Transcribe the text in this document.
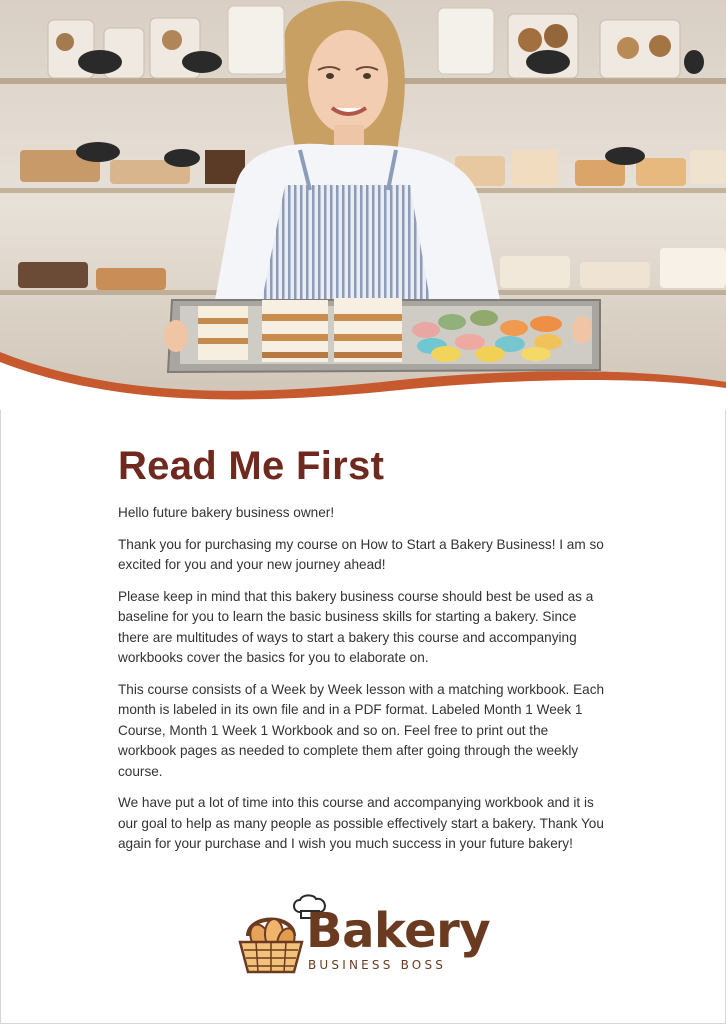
Read Me First

Hello future bakery business owner!

Thank you for purchasing my course on How to Start a Bakery Business! I am so excited for you and your new journey ahead!

Please keep in mind that this bakery business course should best be used as a baseline for you to learn the basic business skills for starting a bakery. Since there are multitudes of ways to start a bakery this course and accompanying workbooks cover the basics for you to elaborate on.

This course consists of a Week by Week lesson with a matching workbook. Each month is labeled in its own file and in a PDF format. Labeled Month 1 Week 1 Course, Month 1 Week 1 Workbook and so on. Feel free to print out the workbook pages as needed to complete them after going through the weekly course.

We have put a lot of time into this course and accompanying workbook and it is our goal to help as many people as possible effectively start a bakery. Thank You again for your purchase and I wish you much success in your future bakery!

Bakery
BUSINESS BOSS
